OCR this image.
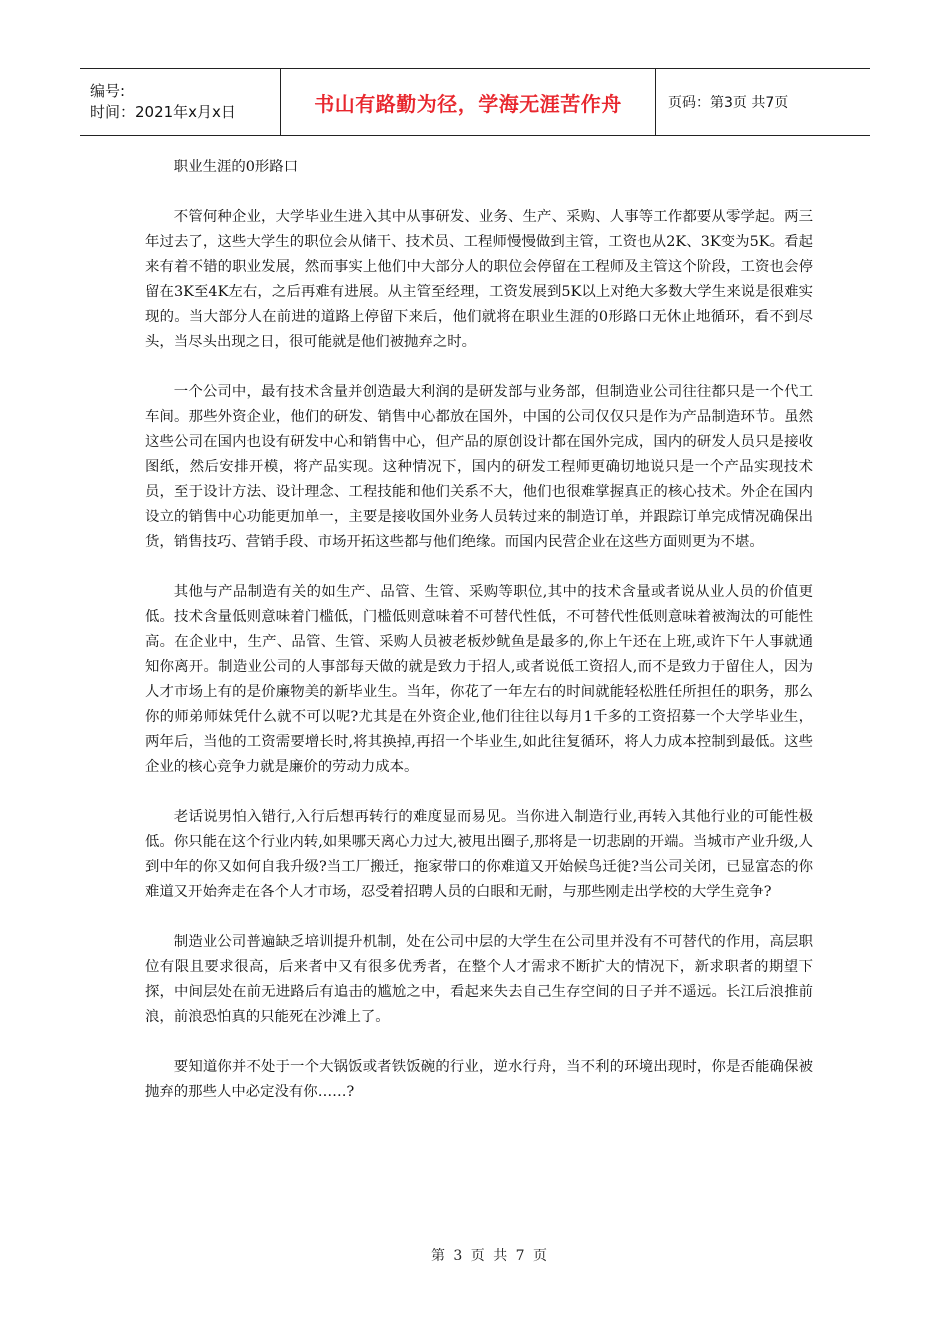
编号:
时间：2021年x月x日	书山有路勤为径，学海无涯苦作舟	页码：第3页 共7页

职业生涯的0形路口

不管何种企业，大学毕业生进入其中从事研发、业务、生产、采购、人事等工作都要从零学起。两三年过去了，这些大学生的职位会从储干、技术员、工程师慢慢做到主管，工资也从2K、3K变为5K。看起来有着不错的职业发展，然而事实上他们中大部分人的职位会停留在工程师及主管这个阶段，工资也会停留在3K至4K左右，之后再难有进展。从主管至经理，工资发展到5K以上对绝大多数大学生来说是很难实现的。当大部分人在前进的道路上停留下来后，他们就将在职业生涯的0形路口无休止地循环，看不到尽头，当尽头出现之日，很可能就是他们被抛弃之时。

一个公司中，最有技术含量并创造最大利润的是研发部与业务部，但制造业公司往往都只是一个代工车间。那些外资企业，他们的研发、销售中心都放在国外，中国的公司仅仅只是作为产品制造环节。虽然这些公司在国内也设有研发中心和销售中心，但产品的原创设计都在国外完成，国内的研发人员只是接收图纸，然后安排开模，将产品实现。这种情况下，国内的研发工程师更确切地说只是一个产品实现技术员，至于设计方法、设计理念、工程技能和他们关系不大，他们也很难掌握真正的核心技术。外企在国内设立的销售中心功能更加单一，主要是接收国外业务人员转过来的制造订单，并跟踪订单完成情况确保出货，销售技巧、营销手段、市场开拓这些都与他们绝缘。而国内民营企业在这些方面则更为不堪。

其他与产品制造有关的如生产、品管、生管、采购等职位,其中的技术含量或者说从业人员的价值更低。技术含量低则意味着门槛低，门槛低则意味着不可替代性低，不可替代性低则意味着被淘汰的可能性高。在企业中，生产、品管、生管、采购人员被老板炒鱿鱼是最多的,你上午还在上班,或许下午人事就通知你离开。制造业公司的人事部每天做的就是致力于招人,或者说低工资招人,而不是致力于留住人，因为人才市场上有的是价廉物美的新毕业生。当年，你花了一年左右的时间就能轻松胜任所担任的职务，那么你的师弟师妹凭什么就不可以呢?尤其是在外资企业,他们往往以每月1千多的工资招募一个大学毕业生，两年后，当他的工资需要增长时,将其换掉,再招一个毕业生,如此往复循环，将人力成本控制到最低。这些企业的核心竞争力就是廉价的劳动力成本。

老话说男怕入错行,入行后想再转行的难度显而易见。当你进入制造行业,再转入其他行业的可能性极低。你只能在这个行业内转,如果哪天离心力过大,被甩出圈子,那将是一切悲剧的开端。当城市产业升级,人到中年的你又如何自我升级?当工厂搬迁，拖家带口的你难道又开始候鸟迁徙?当公司关闭，已显富态的你难道又开始奔走在各个人才市场，忍受着招聘人员的白眼和无耐，与那些刚走出学校的大学生竞争?

制造业公司普遍缺乏培训提升机制，处在公司中层的大学生在公司里并没有不可替代的作用，高层职位有限且要求很高，后来者中又有很多优秀者，在整个人才需求不断扩大的情况下，新求职者的期望下探，中间层处在前无进路后有追击的尴尬之中，看起来失去自己生存空间的日子并不遥远。长江后浪推前浪，前浪恐怕真的只能死在沙滩上了。

要知道你并不处于一个大锅饭或者铁饭碗的行业，逆水行舟，当不利的环境出现时，你是否能确保被抛弃的那些人中必定没有你……?

第 3 页 共 7 页
